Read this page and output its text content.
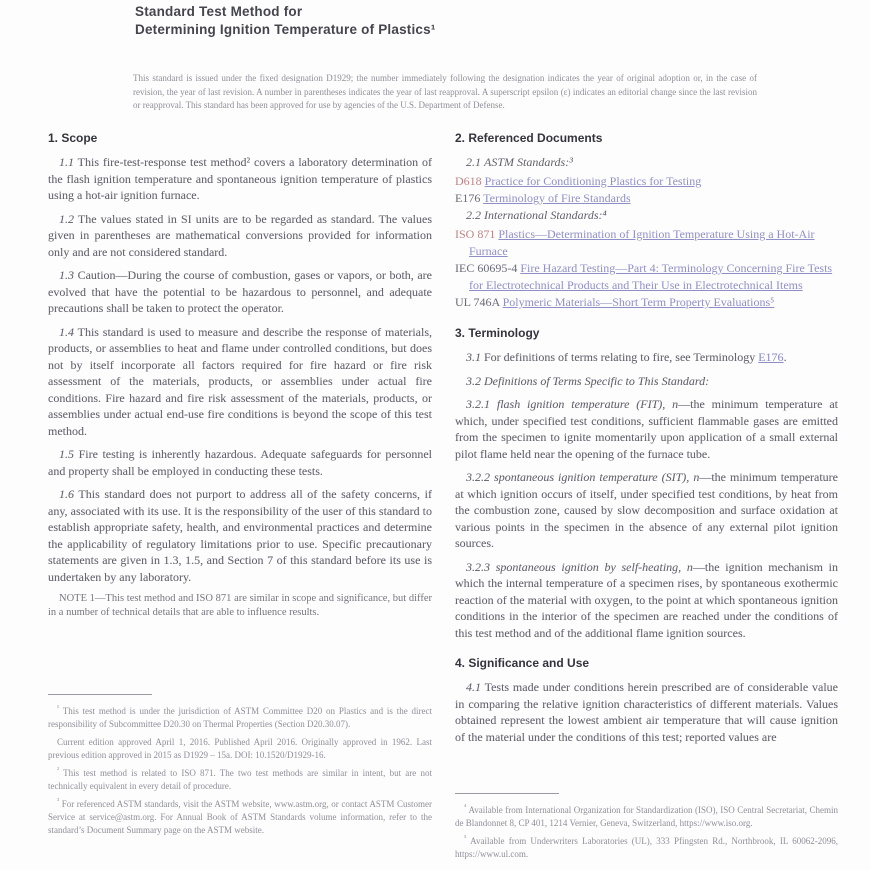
Standard Test Method for
Determining Ignition Temperature of Plastics¹

This standard is issued under the fixed designation D1929; the number immediately following the designation indicates the year of original adoption or, in the case of revision, the year of last revision. A number in parentheses indicates the year of last reapproval. A superscript epsilon (ε) indicates an editorial change since the last revision or reapproval. This standard has been approved for use by agencies of the U.S. Department of Defense.

1. Scope

1.1 This fire-test-response test method² covers a laboratory determination of the flash ignition temperature and spontaneous ignition temperature of plastics using a hot-air ignition furnace.

1.2 The values stated in SI units are to be regarded as standard. The values given in parentheses are mathematical conversions provided for information only and are not considered standard.

1.3 Caution—During the course of combustion, gases or vapors, or both, are evolved that have the potential to be hazardous to personnel, and adequate precautions shall be taken to protect the operator.

1.4 This standard is used to measure and describe the response of materials, products, or assemblies to heat and flame under controlled conditions, but does not by itself incorporate all factors required for fire hazard or fire risk assessment of the materials, products, or assemblies under actual fire conditions. Fire hazard and fire risk assessment of the materials, products, or assemblies under actual end-use fire conditions is beyond the scope of this test method.

1.5 Fire testing is inherently hazardous. Adequate safeguards for personnel and property shall be employed in conducting these tests.

1.6 This standard does not purport to address all of the safety concerns, if any, associated with its use. It is the responsibility of the user of this standard to establish appropriate safety, health, and environmental practices and determine the applicability of regulatory limitations prior to use. Specific precautionary statements are given in 1.3, 1.5, and Section 7 of this standard before its use is undertaken by any laboratory.

NOTE 1—This test method and ISO 871 are similar in scope and significance, but differ in a number of technical details that are able to influence results.

2. Referenced Documents

2.1 ASTM Standards:³

D618 Practice for Conditioning Plastics for Testing

E176 Terminology of Fire Standards

2.2 International Standards:⁴

ISO 871 Plastics—Determination of Ignition Temperature Using a Hot-Air Furnace

IEC 60695-4 Fire Hazard Testing—Part 4: Terminology Concerning Fire Tests for Electrotechnical Products and Their Use in Electrotechnical Items

UL 746A Polymeric Materials—Short Term Property Evaluations⁵

3. Terminology

3.1 For definitions of terms relating to fire, see Terminology E176.

3.2 Definitions of Terms Specific to This Standard:

3.2.1 flash ignition temperature (FIT), n—the minimum temperature at which, under specified test conditions, sufficient flammable gases are emitted from the specimen to ignite momentarily upon application of a small external pilot flame held near the opening of the furnace tube.

3.2.2 spontaneous ignition temperature (SIT), n—the minimum temperature at which ignition occurs of itself, under specified test conditions, by heat from the combustion zone, caused by slow decomposition and surface oxidation at various points in the specimen in the absence of any external pilot ignition sources.

3.2.3 spontaneous ignition by self-heating, n—the ignition mechanism in which the internal temperature of a specimen rises, by spontaneous exothermic reaction of the material with oxygen, to the point at which spontaneous ignition conditions in the interior of the specimen are reached under the conditions of this test method and of the additional flame ignition sources.

4. Significance and Use

4.1 Tests made under conditions herein prescribed are of considerable value in comparing the relative ignition characteristics of different materials. Values obtained represent the lowest ambient air temperature that will cause ignition of the material under the conditions of this test; reported values are

$^{^1}$ This test method is under the jurisdiction of ASTM Committee D20 on Plastics and is the direct responsibility of Subcommittee D20.30 on Thermal Properties (Section D20.30.07).

Current edition approved April 1, 2016. Published April 2016. Originally approved in 1962. Last previous edition approved in 2015 as D1929 – 15a. DOI: 10.1520/D1929-16.

$^{^2}$ This test method is related to ISO 871. The two test methods are similar in intent, but are not technically equivalent in every detail of procedure.

$^{^3}$ For referenced ASTM standards, visit the ASTM website, www.astm.org, or contact ASTM Customer Service at service@astm.org. For Annual Book of ASTM Standards volume information, refer to the standard’s Document Summary page on the ASTM website.

$^{^4}$ Available from International Organization for Standardization (ISO), ISO Central Secretariat, Chemin de Blandonnet 8, CP 401, 1214 Vernier, Geneva, Switzerland, https://www.iso.org.

$^{^5}$ Available from Underwriters Laboratories (UL), 333 Pfingsten Rd., Northbrook, IL 60062-2096, https://www.ul.com.
